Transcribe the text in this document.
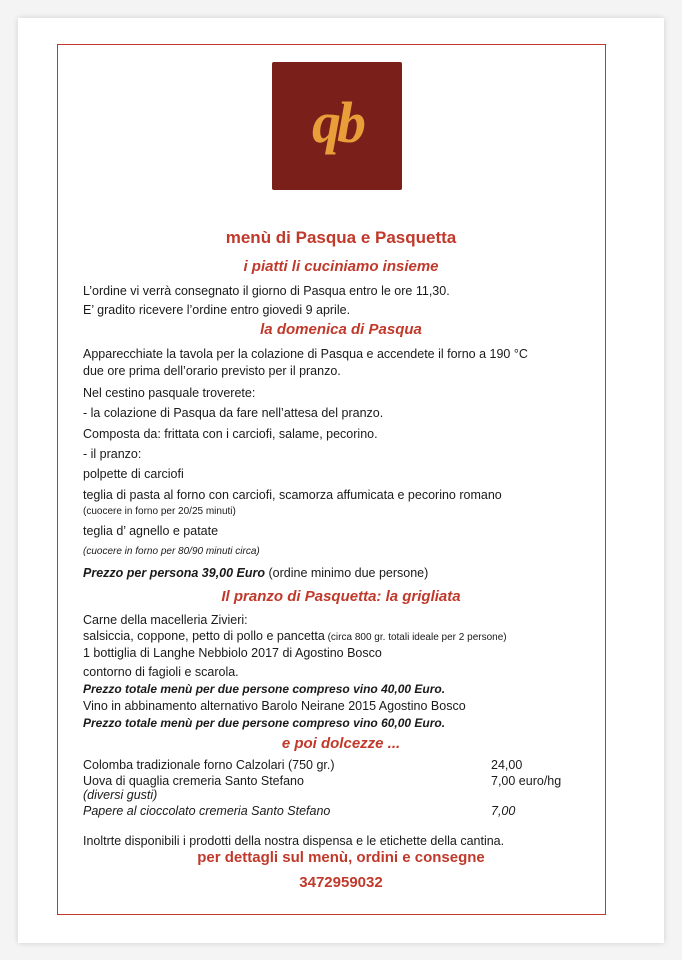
qb
menù di Pasqua e Pasquetta
i piatti li cuciniamo insieme
L’ordine vi verrà consegnato il giorno di Pasqua entro le ore 11,30.
E’ gradito ricevere l’ordine entro giovedi 9 aprile.
la domenica di Pasqua
Apparecchiate la tavola per la colazione di Pasqua e accendete il forno a 190 °C
due ore prima dell’orario previsto per il pranzo.
Nel cestino pasquale troverete:
- la colazione di Pasqua da fare nell’attesa del pranzo.
Composta da: frittata con i carciofi, salame, pecorino.
- il pranzo:
polpette di carciofi
teglia di pasta al forno con carciofi, scamorza affumicata e pecorino romano
(cuocere in forno per 20/25 minuti)
teglia d’ agnello e patate
(cuocere in forno per 80/90 minuti circa)
Prezzo per persona 39,00 Euro (ordine minimo due persone)
Il pranzo di Pasquetta: la grigliata
Carne della macelleria Zivieri:
salsiccia, coppone, petto di pollo e pancetta (circa 800 gr. totali ideale per 2 persone)
1 bottiglia di Langhe Nebbiolo 2017 di Agostino Bosco
contorno di fagioli e scarola.
Prezzo totale menù per due persone compreso vino 40,00 Euro.
Vino in abbinamento alternativo Barolo Neirane 2015 Agostino Bosco
Prezzo totale menù per due persone compreso vino 60,00 Euro.
e poi dolcezze ...
Colomba tradizionale forno Calzolari (750 gr.)	24,00
Uova di quaglia cremeria Santo Stefano	7,00 euro/hg
(diversi gusti)
Papere al cioccolato cremeria Santo Stefano	7,00
Inoltrte disponibili i prodotti della nostra dispensa e le etichette della cantina.
per dettagli sul menù, ordini e consegne
3472959032
